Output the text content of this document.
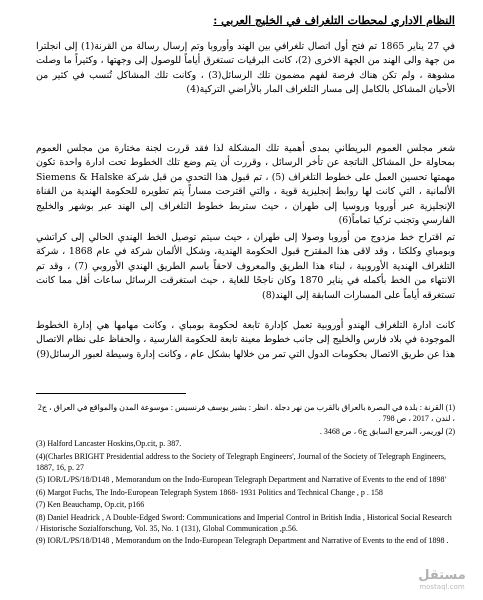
النظام الاداري لمحطات التلغراف في الخليج العربي :

في 27 يناير 1865 تم فتح أول اتصال تلغرافي بين الهند وأوروبا وتم إرسال رسالة من القرنة(1) إلى انجلترا من جهة والى الهند من الجهة الاخرى (2)، كانت البرقيات تستغرق أياماً للوصول إلى وجهتها ، وكثيراً ما وصلت مشوهة ، ولم تكن هناك فرصة لفهم مضمون تلك الرسائل(3) ، وكانت تلك المشاكل تُنسب في كثير من الأحيان المشاكل بالكامل إلى مسار التلغراف المار بالأراضي التركية(4)

شعر مجلس العموم البريطاني بمدى أهمية تلك المشكلة لذا فقد قررت لجنة مختارة من مجلس العموم بمحاولة حل المشاكل الناتجة عن تأخر الرسائل ، وقررت أن يتم وضع تلك الخطوط تحت ادارة واحدة تكون مهمتها تحسين العمل على خطوط التلغراف (5) ، تم قبول هذا التحدي من قبل شركة Siemens & Halske الألمانية ، التي كانت لها روابط إنجليزية قوية ، والتي اقترحت مساراً يتم تطويره للحكومة الهندية من القناة الإنجليزية عبر أوروبا وروسيا إلى طهران ، حيث ستربط خطوط التلغراف إلى الهند عبر بوشهر والخليج الفارسي وتجنب تركيا تماماً(6)

تم اقتراح خط مزدوج من أوروبا وصولا إلى طهران ، حيث سيتم توصيل الخط الهندي الحالي إلى كراتشي وبومباي وكلكتا ، وقد لاقى هذا المقترح قبول الحكومة الهندية، وشكل الألمان شركة في عام 1868 ، شركة التلغراف الهندية الأوروبية ، لبناء هذا الطريق والمعروف لاحقاً باسم الطريق الهندي الأوروبي (7) ، وقد تم الانتهاء من الخط بأكمله في يناير 1870 وكان ناجحًا للغاية ، حيث استغرقت الرسائل ساعات أقل مما كانت تستغرقه أياماً على المسارات السابقة إلى الهند(8)

كانت ادارة التلغراف الهندو أوروبية تعمل كإدارة تابعة لحكومة بومباي ، وكانت مهامها هي إدارة الخطوط الموجودة في بلاد فارس والخليج إلى جانب خطوط معينة تابعة للحكومة الفارسية ، والحفاظ على نظام الاتصال هذا عن طريق الاتصال بحكومات الدول التي تمر من خلالها بشكل عام ، وكانت إدارة وسيطة لعبور الرسائل(9)

(1) القرنة : بلدة في البصرة بالعراق بالقرب من نهر دجلة . انظر : بشير يوسف فرنسيس : موسوعة المدن والمواقع في العراق ، ج2 ، لندن ، 2017 ، ص 798 .

(2) لوريمر، المرجع السابق ج6 ، ص 3468 .

(3) Halford Lancaster Hoskins,Op.cit, p. 387.

(4)(Charles BRIGHT Presidential address to the Society of Telegraph Engineers', Journal of the Society of Telegraph Engineers, 1887, 16, p. 27

(5) IOR/L/PS/18/D148 , Memorandum on the Indo-European Telegraph Department and Narrative of Events to the end of 1898'

(6) Margot Fuchs, The Indo-European Telegraph System 1868- 1931 Politics and Technical Change , p . 158

(7) Ken Beauchamp, Op.cit, p166

(8) Daniel Headrick , A Double-Edged Sword: Communications and Imperial Control in British India , Historical Social Research / Historische Sozialforschung, Vol. 35, No. 1 (131), Global Communication ,p.56.

(9) IOR/L/PS/18/D148 , Memorandum on the Indo-European Telegraph Department and Narrative of Events to the end of 1898 .

مستقل
mostaql.com
